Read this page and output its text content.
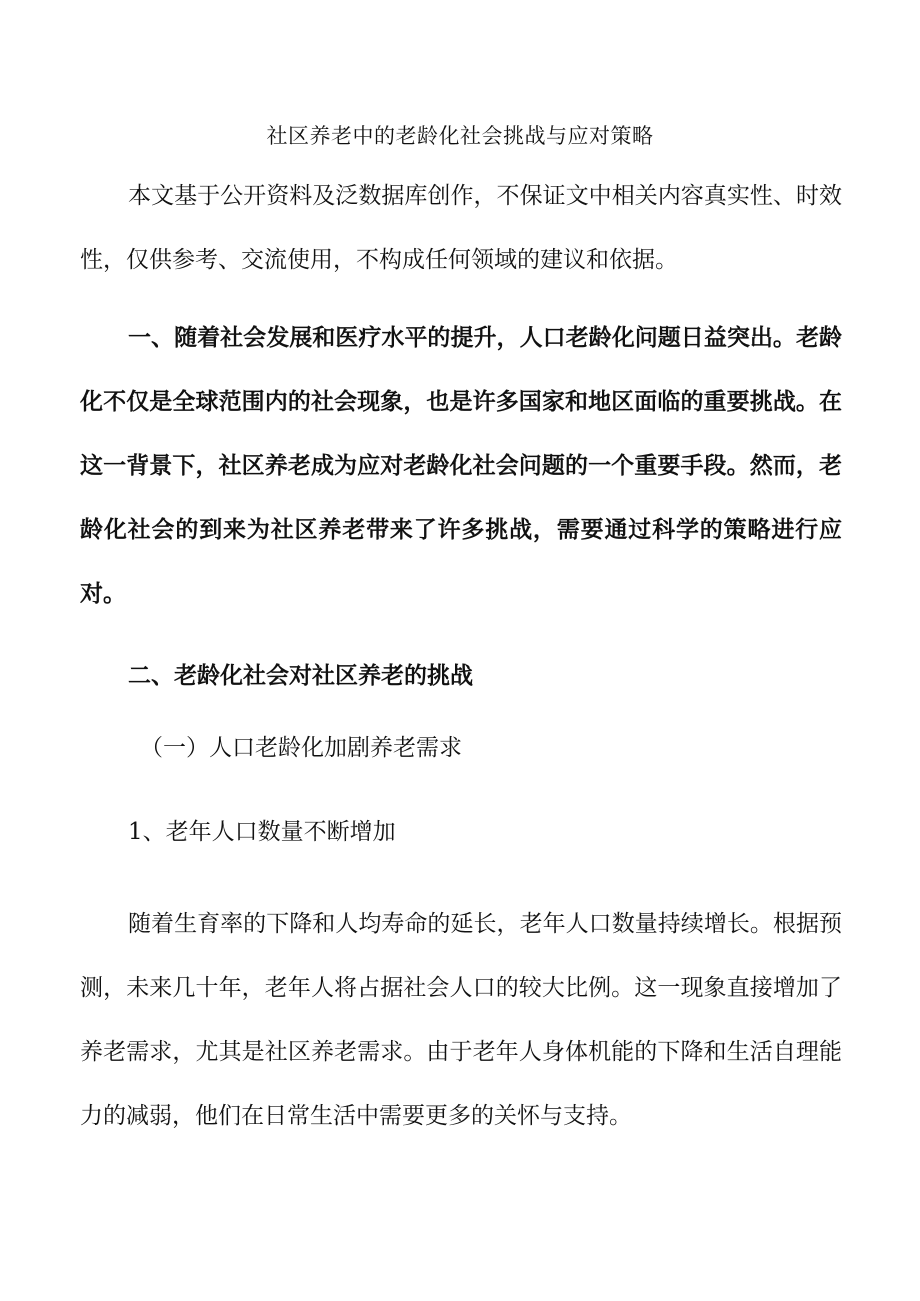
社区养老中的老龄化社会挑战与应对策略

本文基于公开资料及泛数据库创作，不保证文中相关内容真实性、时效性，仅供参考、交流使用，不构成任何领域的建议和依据。

一、随着社会发展和医疗水平的提升，人口老龄化问题日益突出。老龄化不仅是全球范围内的社会现象，也是许多国家和地区面临的重要挑战。在这一背景下，社区养老成为应对老龄化社会问题的一个重要手段。然而，老龄化社会的到来为社区养老带来了许多挑战，需要通过科学的策略进行应对。

二、老龄化社会对社区养老的挑战
（一）人口老龄化加剧养老需求
1、老年人口数量不断增加

随着生育率的下降和人均寿命的延长，老年人口数量持续增长。根据预测，未来几十年，老年人将占据社会人口的较大比例。这一现象直接增加了养老需求，尤其是社区养老需求。由于老年人身体机能的下降和生活自理能力的减弱，他们在日常生活中需要更多的关怀与支持。
